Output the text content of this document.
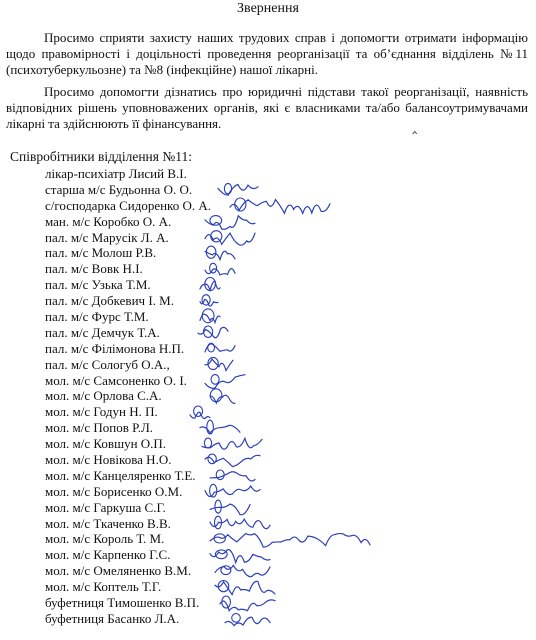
Звернення
Просимо сприяти захисту наших трудових справ і допомогти отримати інформацію щодо правомірності і доцільності проведення реорганізації та об’єднання відділень №11 (психотуберкульозне) та №8 (інфекційне) нашої лікарні.
Просимо допомогти дізнатись про юридичні підстави такої реорганізації, наявність відповідних рішень уповноважених органів, які є власниками та/або балансоутримувачами лікарні та здійснюють її фінансування.	‸
Співробітники відділення №11:
лікар-психіатр Лисий В.І.
старша м/с Будьонна О. О.
с/господарка Сидоренко О. А.
ман. м/с Коробко О. А.
пал. м/с Марусік Л. А.
пал. м/с Молош Р.В.
пал. м/с Вовк Н.І.
пал. м/с Узька Т.М.
пал. м/с Добкевич І. М.
пал. м/с Фурс Т.М.
пал. м/с Демчук Т.А.
пал. м/с Філімонова Н.П.
пал. м/с Сологуб О.А.,
мол. м/с Самсоненко О. І.
мол. м/с Орлова С.А.
мол. м/с Годун Н. П.
мол. м/с Попов Р.Л.
мол. м/с Ковшун О.П.
мол. м/с Новікова Н.О.
мол. м/с Канцеляренко Т.Е.
мол. м/с Борисенко О.М.
мол. м/с Гаркуша С.Г.
мол. м/с Ткаченко В.В.
мол. м/с Король Т. М.
мол. м/с Карпенко Г.С.
мол. м/с Омеляненко В.М.
мол. м/с Коптель Т.Г.
буфетниця Тимошенко В.П.
буфетниця Басанко Л.А.
